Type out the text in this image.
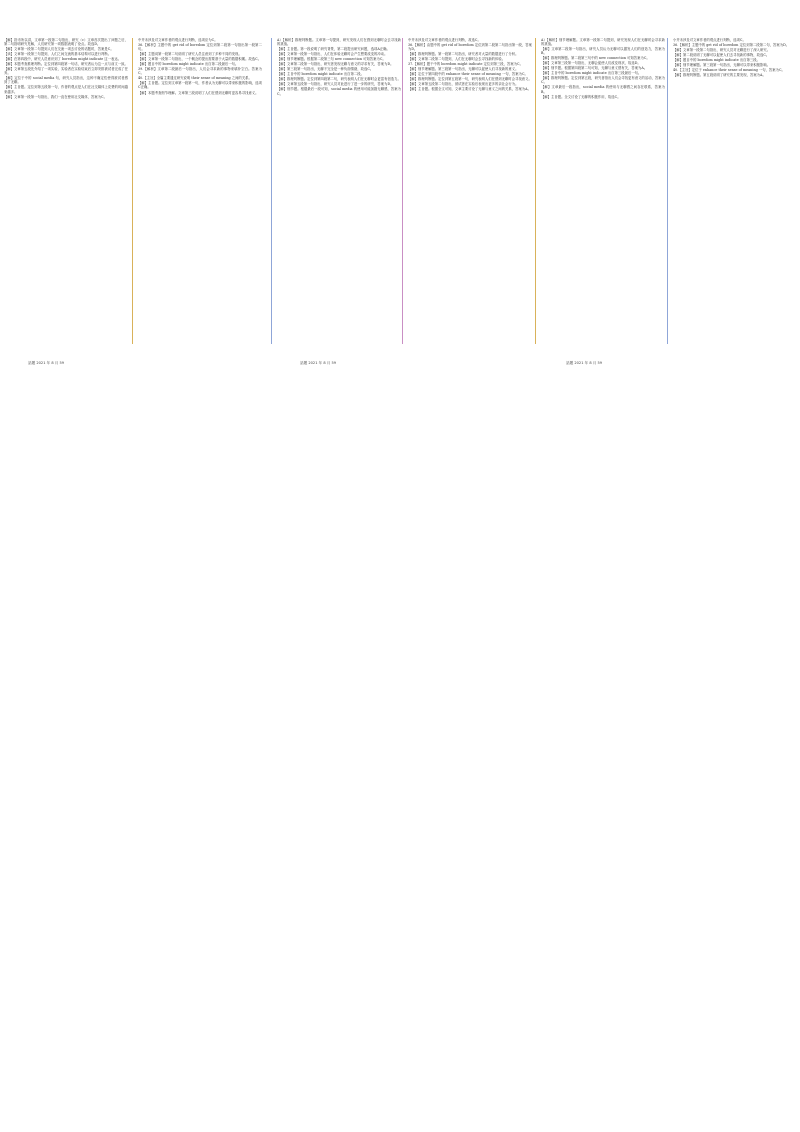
【解】指市所以讲，文章第一段第二句指出，研究（c）文章首次提出了问题之后，第二句指明研究见解，人们研究第一项数据表明了论点。故选D。

【解】文章第一段第二句提到人们在交流一项去讨论的话题时，答案是C。

【读】文章第一段第三句提到，人们之间交流的基本结构可以进行判断。

【解】在第四段中，研究人员意识到了 boredom might indicate 这一表达。

【解】本题考查推理判断。定位到第四段第一句话，研究者认为这一点与前文一致。

【解】文章第五段先介绍了一项实验，实验者在实验结束后立即安排被试者完成了任务。

【解】定位于中的 social media 句，研究人员指出，这种不确定性使得被试者感到了无聊。

【解】主旨题。定位到第五段第一句，作者的观点是人们在社交媒体上花费的时间越来越多。

【解】文章第一段第一句指出，我们一直在使用社交媒体，答案为C。

中并未涉及对文章作者的观点进行判断，选项应为C。

36.【解析】主题中的 get rid of boredom 定位到第二段第一句指出第一段第二句。

【解】主题词第一段第二句说明了研究人员注意到了多种不同的发现。

【解】文章第一段第二句指出，一个概念的提出需要基于大量的数据积累。故选C。

【解】题目中的 boredom might indicate 出自第二段最后一句。

39.【解析】文章第二段最后一句指出，人们会寻求新的事物来填补空白。答案为C。

40.【主旨】全篇主要通过研究说明 their sense of meaning 之间的关系。

【解】主旨题。定位到文章第一段第一句，作者认为无聊可以带来积极的影响，选项C正确。

【解】本题考查细节理解。文章第三段说明了人们在感到无聊时更容易寻找意义。

A）【解析】推理判断题。文章第一句提到，研究发现人们在感到无聊时会去寻找新的挑战。

【解】主旨题。第一段说明了研究背景，第二段提出研究问题，选项A正确。

【解】文章第一段第一句指出，人们在体验无聊时会产生想要改变的冲动。

【解】细节理解题。根据第二段第三句 new connection 可知答案为C。

【解】文章第二段第一句指出，研究者发现无聊与意义的寻求有关，答案为D。

【解】第三段第一句指出，无聊不完全是一种负面情绪，故选C。

【解】主旨中的 boredom might indicate 出自第二段。

【解】推理判断题。定位到第四段第二句，研究表明人们在无聊时会更富有创造力。

【解】文章第五段第一句指出，研究人员对此进行了进一步的研究，答案为D。

【解】细节题。根据最后一段可知，social media 的使用可能加剧无聊感，答案为C。

中并未涉及对文章作者的观点进行判断，故选C。

36.【解析】由题中的 get rid of boredom 定位到第二段第二句指出第一段，答案为D。

【解】推理判断题。第一段第二句指出，研究者对大量的数据进行了分析。

【解】文章第二段第二句提到，人们在无聊时会去寻找新的体验。

37.【解析】题干中的 boredom might indicate 定位到第三段，答案为C。

【解】细节理解题。第三段第一句指出，无聊可以促使人们寻找新的意义。

【解】定位于第四段中的 enhance their sense of meaning 一句，答案为C。

【解】推理判断题。定位到第五段第一句，研究表明人们在感到无聊时会寻找意义。

【解】文章第五段第二句指出，被试者在实验后表现出更多的亲社会行为。

【解】主旨题。根据全文可知，文章主要讨论了无聊与意义之间的关系，答案为A。

A）【解析】细节理解题。文章第一段第二句提到，研究发现人们在无聊时会寻求新的挑战。

【解】文章第二段第一句指出，研究人员认为无聊可以激发人们的创造力，答案为B。

【解】推理判断题。第二段第三句中的 new connection 可知答案为C。

【解】文章第三段第一句指出，无聊会促使人们改变现状，故选D。

【解】细节题。根据第四段第二句可知，无聊与意义感有关，答案为A。

【解】主旨中的 boredom might indicate 出自第三段最后一句。

【解】推理判断题。定位到第五段，研究者指出人们会寻找更有意义的活动，答案为C。

【解】文章最后一段指出，social media 的使用与无聊感之间存在联系，答案为B。

【解】主旨题。全文讨论了无聊的积极作用，故选C。

小并未涉及对文章作者的观点进行判断，选项C。

36.【解析】主题中的 get rid of boredom 定位到第二段第二句，答案为D。

【解】文章第一段第二句指出，研究人员对无聊进行了深入研究。

【解】第二段说明了无聊可以促使人们去寻找新的事物，故选C。

【解】题目中的 boredom might indicate 出自第三段。

【解】细节理解题。第三段第一句指出，无聊可以带来积极影响。

40.【主旨】定位于 enhance their sense of meaning 一句，答案为C。

【解】推理判断题。第五段说明了研究的主要发现，答案为A。

話題 2021 年 8 月 59	話題 2021 年 8 月 59	話題 2021 年 8 月 59
